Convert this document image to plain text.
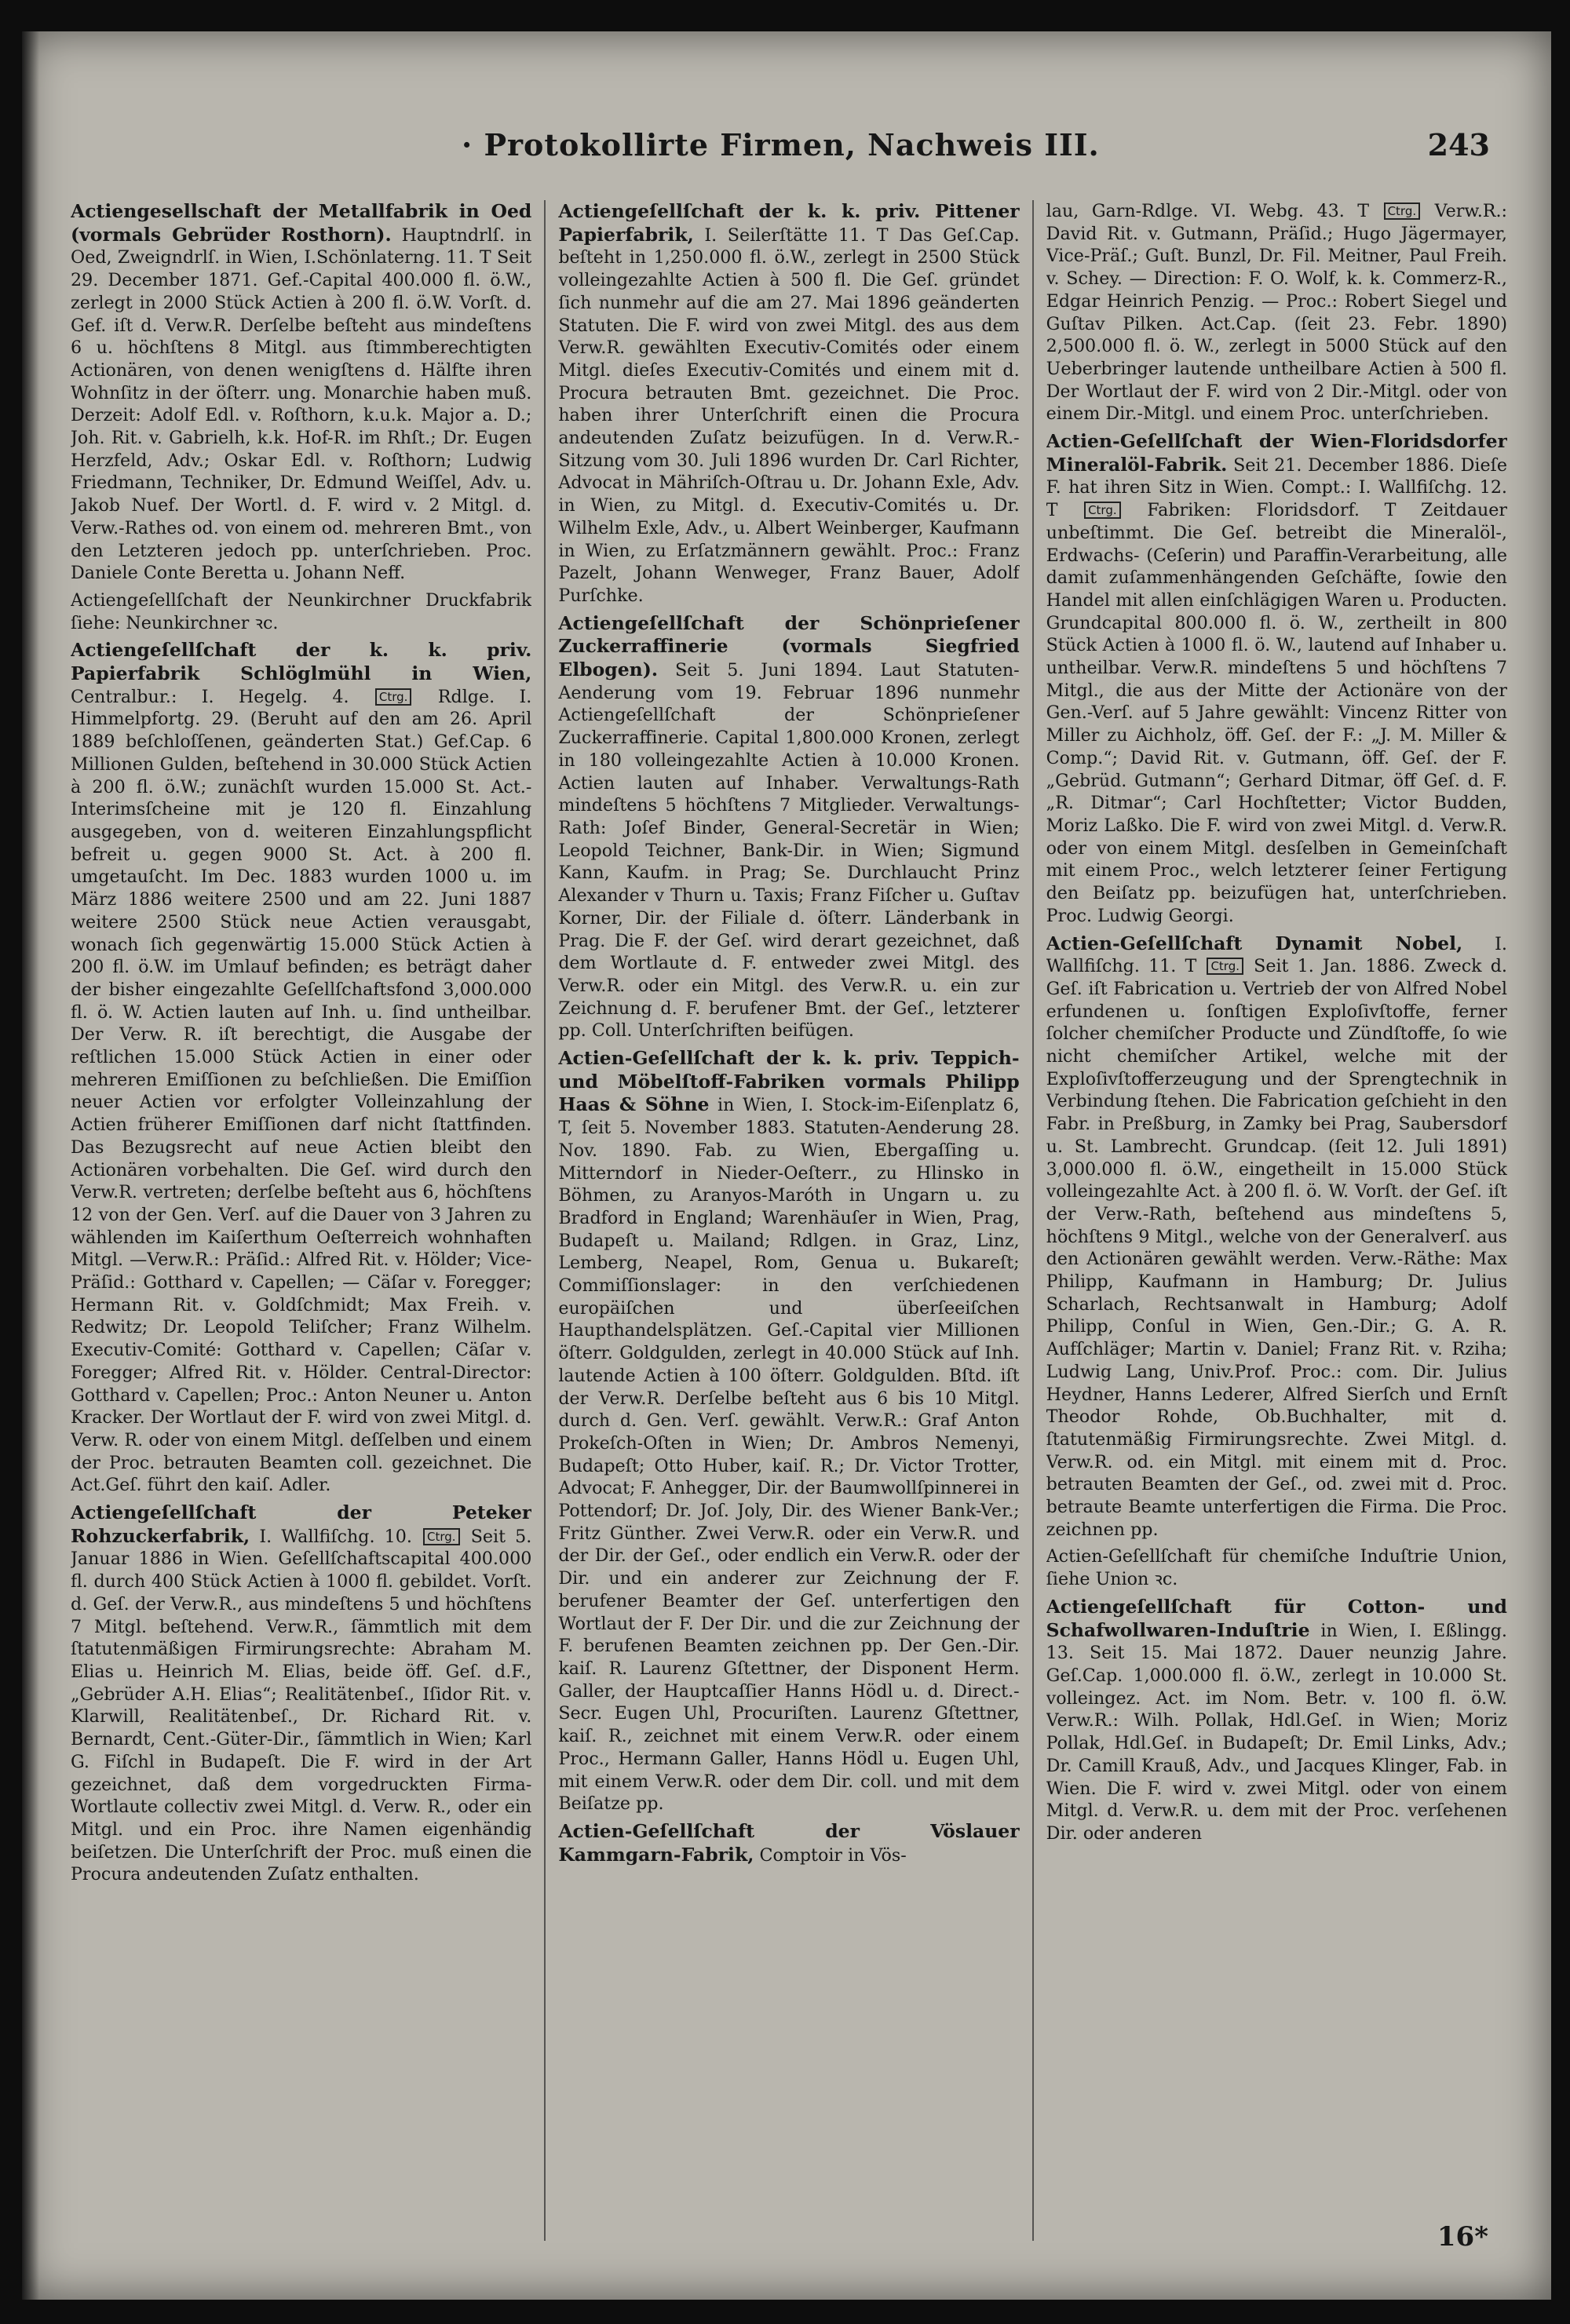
· Protokollirte Firmen, Nachweis III.	243
Actiengesellschaft der Metallfabrik in Oed (vormals Gebrüder Rosthorn). Hauptndrlſ. in Oed, Zweigndrlſ. in Wien, I.Schönlaterng. 11. T Seit 29. December 1871. Gef.-Capital 400.000 fl. ö.W., zerlegt in 2000 Stück Actien à 200 fl. ö.W. Vorſt. d. Gef. iſt d. Verw.R. Derſelbe beſteht aus mindeſtens 6 u. höchſtens 8 Mitgl. aus ſtimmberechtigten Actionären, von denen wenigſtens d. Hälfte ihren Wohnſitz in der öſterr. ung. Monarchie haben muß. Derzeit: Adolf Edl. v. Roſthorn, k.u.k. Major a. D.; Joh. Rit. v. Gabrielh, k.k. Hof-R. im Rhſt.; Dr. Eugen Herzfeld, Adv.; Oskar Edl. v. Roſthorn; Ludwig Friedmann, Techniker, Dr. Edmund Weiſſel, Adv. u. Jakob Nuef. Der Wortl. d. F. wird v. 2 Mitgl. d. Verw.-Rathes od. von einem od. mehreren Bmt., von den Letzteren jedoch pp. unterſchrieben. Proc. Daniele Conte Berettа u. Johann Neff.
Actiengeſellſchaft der Neunkirchner Druckfabrik ſiehe: Neunkirchner ꝛc.
Actiengeſellſchaft der k. k. priv. Papierfabrik Schlöglmühl in Wien, Centralbur.: I. Hegelg. 4. Ctrg. Rdlge. I. Himmelpfortg. 29. (Beruht auf den am 26. April 1889 beſchloſſenen, geänderten Stat.) Gef.Cap. 6 Millionen Gulden, beſtehend in 30.000 Stück Actien à 200 fl. ö.W.; zunächſt wurden 15.000 St. Act.-Interimsſcheine mit je 120 fl. Einzahlung ausgegeben, von d. weiteren Einzahlungspflicht befreit u. gegen 9000 St. Act. à 200 fl. umgetauſcht. Im Dec. 1883 wurden 1000 u. im März 1886 weitere 2500 und am 22. Juni 1887 weitere 2500 Stück neue Actien verausgabt, wonach ſich gegenwärtig 15.000 Stück Actien à 200 fl. ö.W. im Umlauf befinden; es beträgt daher der bisher eingezahlte Geſellſchaftsfond 3,000.000 fl. ö. W. Actien lauten auf Inh. u. ſind untheilbar. Der Verw. R. iſt berechtigt, die Ausgabe der reſtlichen 15.000 Stück Actien in einer oder mehreren Emiſſionen zu beſchließen. Die Emiſſion neuer Actien vor erfolgter Volleinzahlung der Actien früherer Emiſſionen darf nicht ſtattfinden. Das Bezugsrecht auf neue Actien bleibt den Actionären vorbehalten. Die Geſ. wird durch den Verw.R. vertreten; derſelbe beſteht aus 6, höchſtens 12 von der Gen. Verſ. auf die Dauer von 3 Jahren zu wählenden im Kaiſerthum Oeſterreich wohnhaften Mitgl. —Verw.R.: Präſid.: Alfred Rit. v. Hölder; Vice-Präſid.: Gotthard v. Capellen; — Cäſar v. Foregger; Hermann Rit. v. Goldſchmidt; Max Freih. v. Redwitz; Dr. Leopold Teliſcher; Franz Wilhelm. Executiv-Comité: Gotthard v. Capellen; Cäſar v. Foregger; Alfred Rit. v. Hölder. Central-Director: Gotthard v. Capellen; Proc.: Anton Neuner u. Anton Kracker. Der Wortlaut der F. wird von zwei Mitgl. d. Verw. R. oder von einem Mitgl. deſſelben und einem der Proc. betrauten Beamten coll. gezeichnet. Die Act.Geſ. führt den kaiſ. Adler.
Actiengeſellſchaft der Peteker Rohzuckerfabrik, I. Wallfiſchg. 10. Ctrg. Seit 5. Januar 1886 in Wien. Geſellſchaftscapital 400.000 fl. durch 400 Stück Actien à 1000 fl. gebildet. Vorſt. d. Geſ. der Verw.R., aus mindeſtens 5 und höchſtens 7 Mitgl. beſtehend. Verw.R., ſämmtlich mit dem ſtatutenmäßigen Firmirungsrechte: Abraham M. Elias u. Heinrich M. Elias, beide öff. Geſ. d.F.,„Gebrüder A.H. Elias“; Realitätenbeſ., Iſidor Rit. v. Klarwill, Realitätenbeſ., Dr. Richard Rit. v. Bernardt, Cent.-Güter-Dir., ſämmtlich in Wien; Karl G. Fiſchl in Budapeſt. Die F. wird in der Art gezeichnet, daß dem vorgedruckten Firma-Wortlaute collectiv zwei Mitgl. d. Verw. R., oder ein Mitgl. und ein Proc. ihre Namen eigenhändig beiſetzen. Die Unterſchrift der Proc. muß einen die Procura andeutenden Zuſatz enthalten.
Actiengeſellſchaft der k. k. priv. Pittener Papierfabrik, I. Seilerſtätte 11. T Das Geſ.Cap. beſteht in 1,250.000 fl. ö.W., zerlegt in 2500 Stück volleingezahlte Actien à 500 fl. Die Geſ. gründet ſich nunmehr auf die am 27. Mai 1896 geänderten Statuten. Die F. wird von zwei Mitgl. des aus dem Verw.R. gewählten Executiv-Comités oder einem Mitgl. dieſes Executiv-Comités und einem mit d. Procura betrauten Bmt. gezeichnet. Die Proc. haben ihrer Unterſchrift einen die Procura andeutenden Zuſatz beizufügen. In d. Verw.R.-Sitzung vom 30. Juli 1896 wurden Dr. Carl Richter, Advocat in Mähriſch-Oſtrau u. Dr. Johann Exle, Adv. in Wien, zu Mitgl. d. Executiv-Comités u. Dr. Wilhelm Exle, Adv., u. Albert Weinberger, Kaufmann in Wien, zu Erſatzmännern gewählt. Proc.: Franz Pazelt, Johann Wenweger, Franz Bauer, Adolf Purſchke.
Actiengeſellſchaft der Schönprieſener Zuckerraffinerie (vormals Siegfried Elbogen). Seit 5. Juni 1894. Laut Statuten-Aenderung vom 19. Februar 1896 nunmehr Actiengeſellſchaft der Schönprieſener Zuckerraffinerie. Capital 1,800.000 Kronen, zerlegt in 180 volleingezahlte Actien à 10.000 Kronen. Actien lauten auf Inhaber. Verwaltungs-Rath mindeſtens 5 höchſtens 7 Mitglieder. Verwaltungs-Rath: Joſef Binder, General-Secretär in Wien; Leopold Teichner, Bank-Dir. in Wien; Sigmund Kann, Kaufm. in Prag; Se. Durchlaucht Prinz Alexander v Thurn u. Taxis; Franz Fiſcher u. Guſtav Korner, Dir. der Filiale d. öſterr. Länderbank in Prag. Die F. der Geſ. wird derart gezeichnet, daß dem Wortlaute d. F. entweder zwei Mitgl. des Verw.R. oder ein Mitgl. des Verw.R. u. ein zur Zeichnung d. F. berufener Bmt. der Geſ., letzterer pp. Coll. Unterſchriften beifügen.
Actien-Geſellſchaft der k. k. priv. Teppich- und Möbelſtoff-Fabriken vormals Philipp Haas & Söhne in Wien, I. Stock-im-Eiſenplatz 6, T, ſeit 5. November 1883. Statuten-Aenderung 28. Nov. 1890. Fab. zu Wien, Ebergaſſing u. Mitterndorf in Nieder-Oeſterr., zu Hlinsko in Böhmen, zu Aranyos-Maróth in Ungarn u. zu Bradford in England; Warenhäuſer in Wien, Prag, Budapeſt u. Mailand; Rdlgen. in Graz, Linz, Lemberg, Neapel, Rom, Genua u. Bukareſt; Commiſſionslager: in den verſchiedenen europäiſchen und überſeeiſchen Haupthandelsplätzen. Geſ.-Capital vier Millionen öſterr. Goldgulden, zerlegt in 40.000 Stück auf Inh. lautende Actien à 100 öſterr. Goldgulden. Bſtd. iſt der Verw.R. Derſelbe beſteht aus 6 bis 10 Mitgl. durch d. Gen. Verſ. gewählt. Verw.R.: Graf Anton Prokeſch-Oſten in Wien; Dr. Ambros Nemenyi, Budapeſt; Otto Huber, kaiſ. R.; Dr. Victor Trotter, Advocat; F. Anhegger, Dir. der Baumwollſpinnerei in Pottendorf; Dr. Joſ. Joly, Dir. des Wiener Bank-Ver.; Fritz Günther. Zwei Verw.R. oder ein Verw.R. und der Dir. der Geſ., oder endlich ein Verw.R. oder der Dir. und ein anderer zur Zeichnung der F. berufener Beamter der Geſ. unterfertigen den Wortlaut der F. Der Dir. und die zur Zeichnung der F. berufenen Beamten zeichnen pp. Der Gen.-Dir. kaiſ. R. Laurenz Gſtettner, der Disponent Herm. Galler, der Hauptcaſſier Hanns Hödl u. d. Direct.-Secr. Eugen Uhl, Procuriſten. Laurenz Gſtettner, kaiſ. R., zeichnet mit einem Verw.R. oder einem Proc., Hermann Galler, Hanns Hödl u. Eugen Uhl, mit einem Verw.R. oder dem Dir. coll. und mit dem Beiſatze pp.
Actien-Geſellſchaft der Vöslauer Kammgarn-Fabrik, Comptoir in Vös-
lau, Garn-Rdlge. VI. Webg. 43. T Ctrg. Verw.R.: David Rit. v. Gutmann, Präſid.; Hugo Jägermayer, Vice-Präſ.; Guſt. Bunzl, Dr. Fil. Meitner, Paul Freih. v. Schey. — Direction: F. O. Wolf, k. k. Commerz-R., Edgar Heinrich Penzig. — Proc.: Robert Siegel und Guſtav Pilken. Act.Cap. (ſeit 23. Febr. 1890) 2,500.000 fl. ö. W., zerlegt in 5000 Stück auf den Ueberbringer lautende untheilbare Actien à 500 fl. Der Wortlaut der F. wird von 2 Dir.-Mitgl. oder von einem Dir.-Mitgl. und einem Proc. unterſchrieben.
Actien-Geſellſchaft der Wien-Floridsdorfer Mineralöl-Fabrik. Seit 21. December 1886. Dieſe F. hat ihren Sitz in Wien. Compt.: I. Wallfiſchg. 12. T Ctrg. Fabriken: Floridsdorf. T Zeitdauer unbeſtimmt. Die Geſ. betreibt die Mineralöl-, Erdwachs- (Ceſerin) und Paraffin-Verarbeitung, alle damit zuſammenhängenden Geſchäfte, ſowie den Handel mit allen einſchlägigen Waren u. Producten. Grundcapital 800.000 fl. ö. W., zertheilt in 800 Stück Actien à 1000 fl. ö. W., lautend auf Inhaber u. untheilbar. Verw.R. mindeſtens 5 und höchſtens 7 Mitgl., die aus der Mitte der Actionäre von der Gen.-Verſ. auf 5 Jahre gewählt: Vincenz Ritter von Miller zu Aichholz, öff. Geſ. der F.: „J. M. Miller & Comp.“; David Rit. v. Gutmann, öff. Geſ. der F. „Gebrüd. Gutmann“; Gerhard Ditmar, öff Geſ. d. F. „R. Ditmar“; Carl Hochſtetter; Victor Budden, Moriz Laßko. Die F. wird von zwei Mitgl. d. Verw.R. oder von einem Mitgl. desſelben in Gemeinſchaft mit einem Proc., welch letzterer ſeiner Fertigung den Beiſatz pp. beizufügen hat, unterſchrieben. Proc. Ludwig Georgi.
Actien-Geſellſchaft Dynamit Nobel, I. Wallfiſchg. 11. T Ctrg. Seit 1. Jan. 1886. Zweck d. Geſ. iſt Fabrication u. Vertrieb der von Alfred Nobel erfundenen u. ſonſtigen Exploſivſtoffe, ferner ſolcher chemiſcher Producte und Zündſtoffe, ſo wie nicht chemiſcher Artikel, welche mit der Exploſivſtofferzeugung und der Sprengtechnik in Verbindung ſtehen. Die Fabrication geſchieht in den Fabr. in Preßburg, in Zamky bei Prag, Saubersdorf u. St. Lambrecht. Grundcap. (ſeit 12. Juli 1891) 3,000.000 fl. ö.W., eingetheilt in 15.000 Stück volleingezahlte Act. à 200 fl. ö. W. Vorſt. der Geſ. iſt der Verw.-Rath, beſtehend aus mindeſtens 5, höchſtens 9 Mitgl., welche von der Generalverſ. aus den Actionären gewählt werden. Verw.-Räthe: Max Philipp, Kaufmann in Hamburg; Dr. Julius Scharlach, Rechtsanwalt in Hamburg; Adolf Philipp, Conſul in Wien, Gen.-Dir.; G. A. R. Aufſchläger; Martin v. Daniel; Franz Rit. v. Rziha; Ludwig Lang, Univ.Prof. Proc.: com. Dir. Julius Heydner, Hanns Lederer, Alfred Sierſch und Ernſt Theodor Rohde, Ob.Buchhalter, mit d. ſtatutenmäßig Firmirungsrechte. Zwei Mitgl. d. Verw.R. od. ein Mitgl. mit einem mit d. Proc. betrauten Beamten der Geſ., od. zwei mit d. Proc. betraute Beamte unterfertigen die Firma. Die Proc. zeichnen pp.
Actien-Geſellſchaft für chemiſche Induſtrie Union, ſiehe Union ꝛc.
Actiengeſellſchaft für Cotton- und Schafwollwaren-Induſtrie in Wien, I. Eßlingg. 13. Seit 15. Mai 1872. Dauer neunzig Jahre. Geſ.Cap. 1,000.000 fl. ö.W., zerlegt in 10.000 St. volleingez. Act. im Nom. Betr. v. 100 fl. ö.W. Verw.R.: Wilh. Pollak, Hdl.Geſ. in Wien; Moriz Pollak, Hdl.Geſ. in Budapeſt; Dr. Emil Links, Adv.; Dr. Camill Krauß, Adv., und Jacques Klinger, Fab. in Wien. Die F. wird v. zwei Mitgl. oder von einem Mitgl. d. Verw.R. u. dem mit der Proc. verſehenen Dir. oder anderen
16*
